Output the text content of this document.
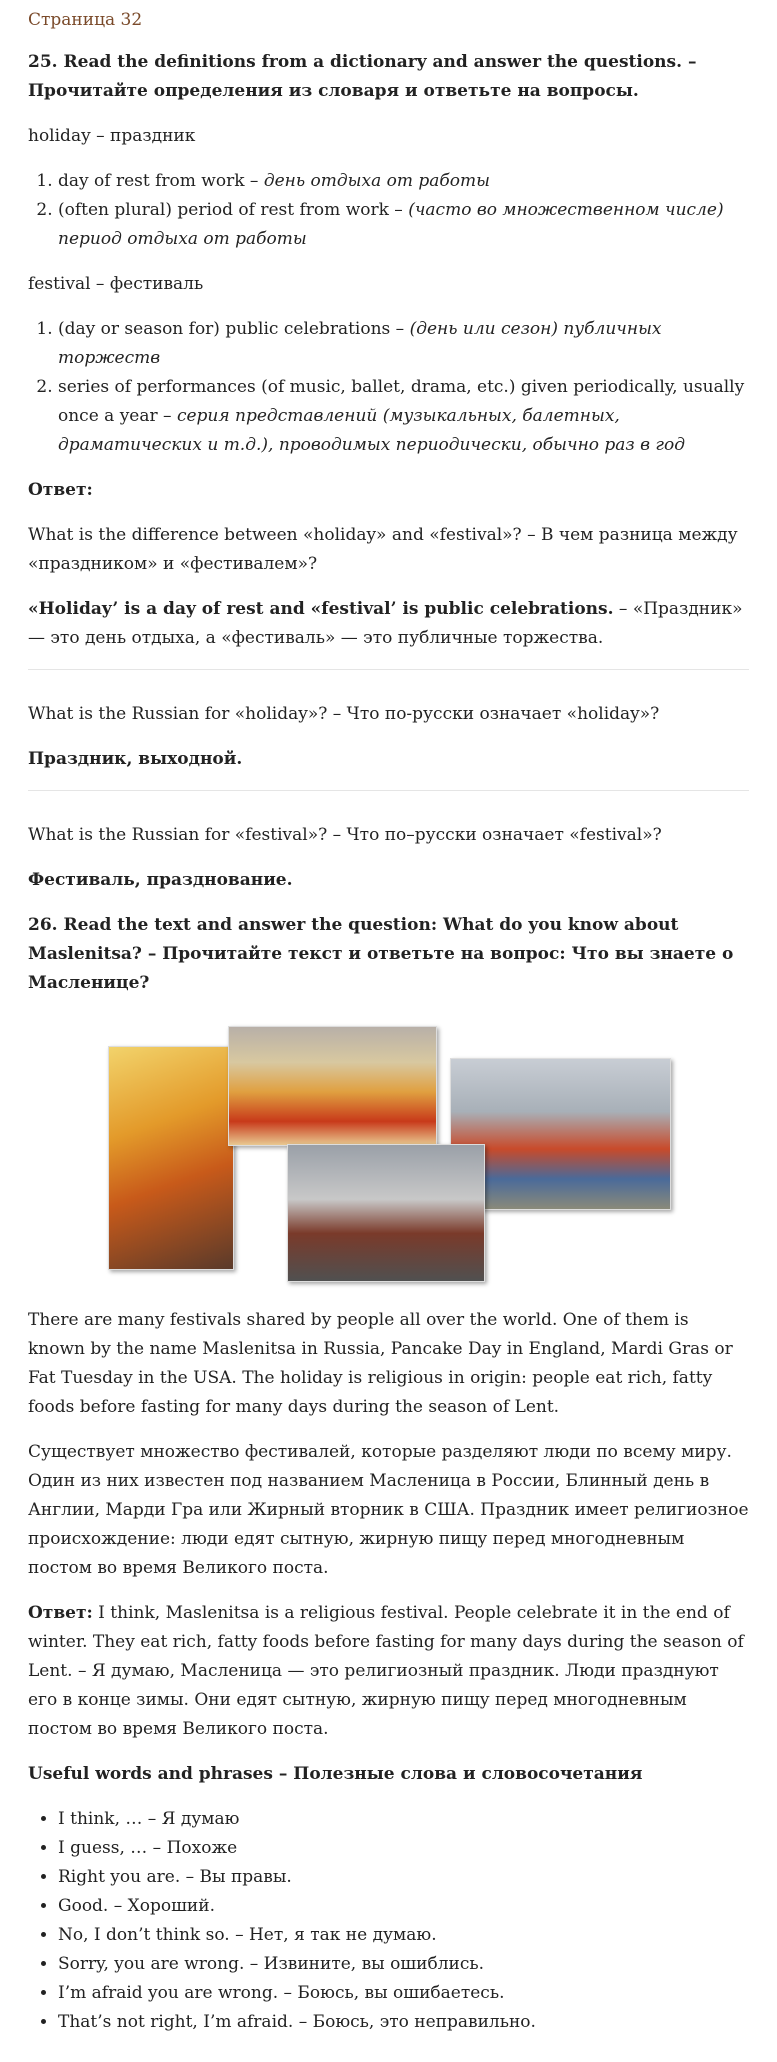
Страница 32
25. Read the definitions from a dictionary and answer the questions. – Прочитайте определения из словаря и ответьте на вопросы.

holiday – праздник

1. day of rest from work – день отдыха от работы
2. (often plural) period of rest from work – (часто во множественном числе) период отдыха от работы

festival – фестиваль

1. (day or season for) public celebrations – (день или сезон) публичных торжеств
2. series of performances (of music, ballet, drama, etc.) given periodically, usually once a year – серия представлений (музыкальных, балетных, драматических и т.д.), проводимых периодически, обычно раз в год

Ответ:

What is the difference between «holiday» and «festival»? – В чем разница между «праздником» и «фестивалем»?

«Holiday’ is a day of rest and «festival’ is public celebrations. – «Праздник» — это день отдыха, а «фестиваль» — это публичные торжества.

What is the Russian for «holiday»? – Что по-русски означает «holiday»?

Праздник, выходной.

What is the Russian for «festival»? – Что по–русски означает «festival»?

Фестиваль, празднование.

26. Read the text and answer the question: What do you know about Maslenitsa? – Прочитайте текст и ответьте на вопрос: Что вы знаете о Масленице?

There are many festivals shared by people all over the world. One of them is known by the name Maslenitsa in Russia, Pancake Day in England, Mardi Gras or Fat Tuesday in the USA. The holiday is religious in origin: people eat rich, fatty foods before fasting for many days during the season of Lent.

Существует множество фестивалей, которые разделяют люди по всему миру. Один из них известен под названием Масленица в России, Блинный день в Англии, Марди Гра или Жирный вторник в США. Праздник имеет религиозное происхождение: люди едят сытную, жирную пищу перед многодневным постом во время Великого поста.

Ответ: I think, Maslenitsa is a religious festival. People celebrate it in the end of winter. They eat rich, fatty foods before fasting for many days during the season of Lent. – Я думаю, Масленица — это религиозный праздник. Люди празднуют его в конце зимы. Они едят сытную, жирную пищу перед многодневным постом во время Великого поста.

Useful words and phrases – Полезные слова и словосочетания
• I think, … – Я думаю
• I guess, … – Похоже
• Right you are. – Вы правы.
• Good. – Хороший.
• No, I don’t think so. – Нет, я так не думаю.
• Sorry, you are wrong. – Извините, вы ошиблись.
• I’m afraid you are wrong. – Боюсь, вы ошибаетесь.
• That’s not right, I’m afraid. – Боюсь, это неправильно.
